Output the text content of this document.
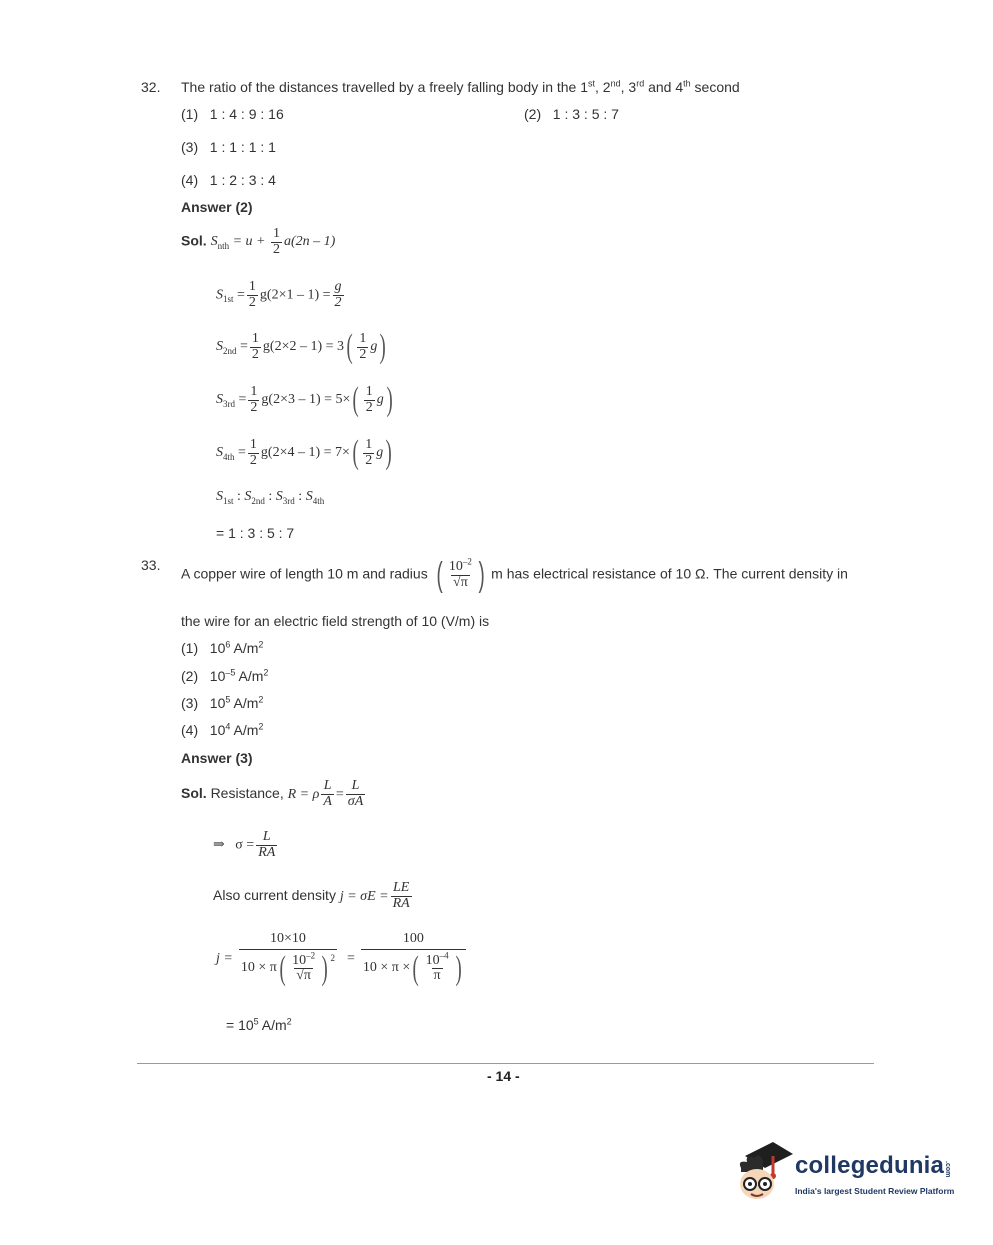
32. The ratio of the distances travelled by a freely falling body in the 1st, 2nd, 3rd and 4th second
(1) 1 : 4 : 9 : 16	(2) 1 : 3 : 5 : 7
(3) 1 : 1 : 1 : 1
(4) 1 : 2 : 3 : 4
Answer (2)
Sol. $S_{nth} = u + \frac{1}{2} a(2n - 1)$
$S_{1st} = \frac{1}{2} g(2\times 1 - 1) = \frac{g}{2}$
$S_{2nd} = \frac{1}{2} g(2\times 2 - 1) = 3( \frac{1}{2} g)$
$S_{3rd} = \frac{1}{2} g(2\times 3 - 1) = 5\times( \frac{1}{2} g)$
$S_{4th} = \frac{1}{2} g(2\times 4 - 1) = 7\times( \frac{1}{2} g)$
$S_{1st}$ : $S_{2nd}$ : $S_{3rd}$ : $S_{4th}$
= 1 : 3 : 5 : 7
33.
A copper wire of length 10 m and radius ( $\frac{10^{-2}}{√\pi}$ ) m has electrical resistance of 10 Ω. The current density in
the wire for an electric field strength of 10 (V/m) is
(1) $10^6$ $A/m^2$
(2) $10^{-5}$ $A/m^2$
(3) $10^5$ $A/m^2$
(4) $10^4$ $A/m^2$
Answer (3)
Sol. Resistance, R = ρ $\frac{L}{A} = \frac{L}{\sigma A}$
⇒ $\sigma = \frac{L}{RA}$
Also current density $j = \sigma E = \frac{LE}{RA}$
$j = \frac{10\times 10}{10 \times \pi ( \frac{10^{-2}}{√\pi} ) 2} = \frac{100}{10 \times \pi \times ( \frac{10^{-4}}{\pi} )}$
= $10^5$ $A/m^2$
- 14 -
collegedunia.com
India's largest Student Review Platform
